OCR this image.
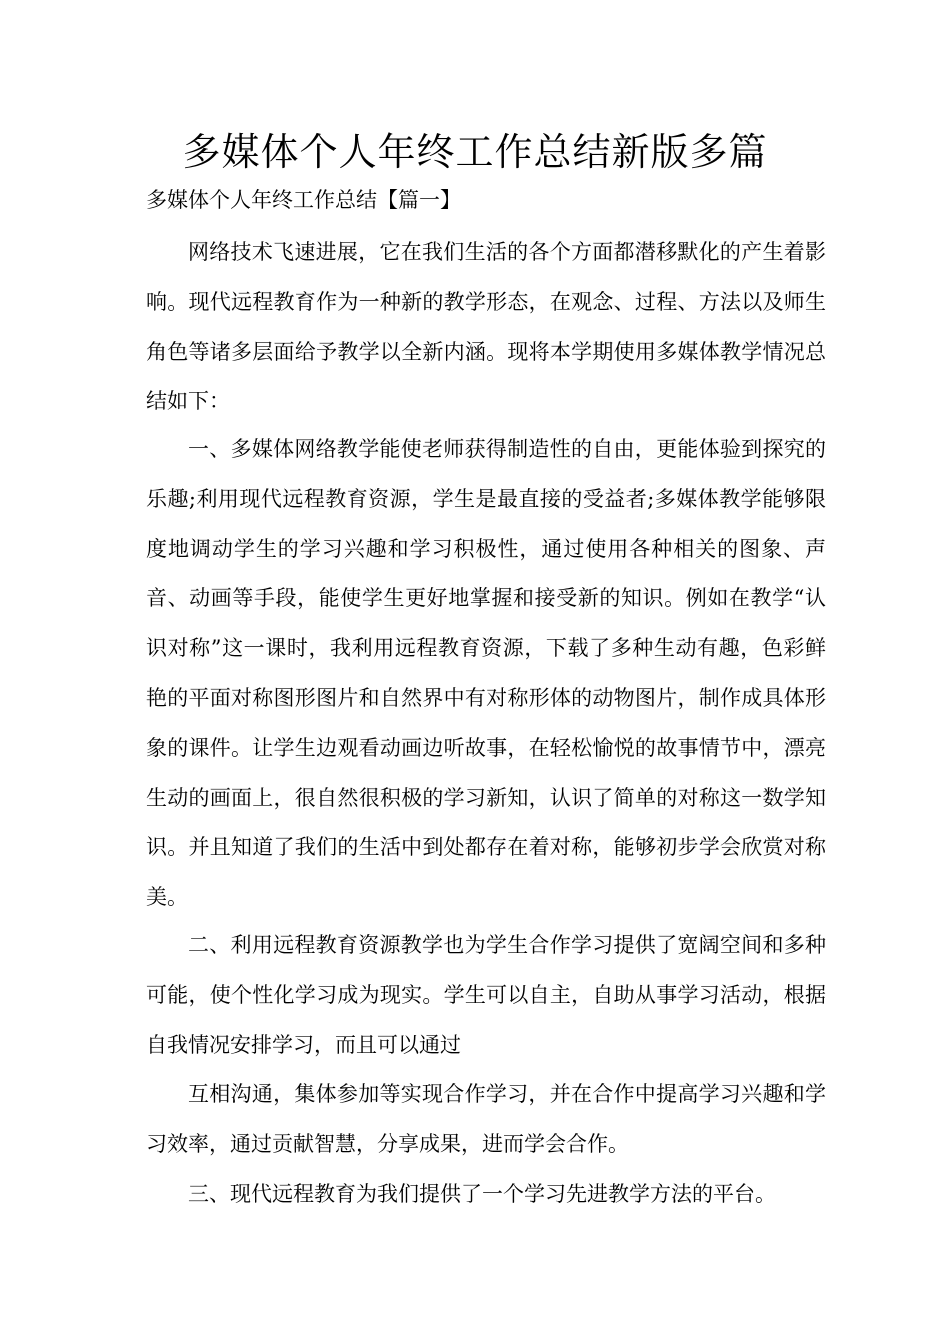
多媒体个人年终工作总结新版多篇

多媒体个人年终工作总结【篇一】

网络技术飞速进展，它在我们生活的各个方面都潜移默化的产生着影响。现代远程教育作为一种新的教学形态，在观念、过程、方法以及师生角色等诸多层面给予教学以全新内涵。现将本学期使用多媒体教学情况总结如下：

一、多媒体网络教学能使老师获得制造性的自由，更能体验到探究的乐趣;利用现代远程教育资源，学生是最直接的受益者;多媒体教学能够限度地调动学生的学习兴趣和学习积极性，通过使用各种相关的图象、声音、动画等手段，能使学生更好地掌握和接受新的知识。例如在教学“认识对称”这一课时，我利用远程教育资源，下载了多种生动有趣，色彩鲜艳的平面对称图形图片和自然界中有对称形体的动物图片，制作成具体形象的课件。让学生边观看动画边听故事，在轻松愉悦的故事情节中，漂亮生动的画面上，很自然很积极的学习新知，认识了简单的对称这一数学知识。并且知道了我们的生活中到处都存在着对称，能够初步学会欣赏对称美。

二、利用远程教育资源教学也为学生合作学习提供了宽阔空间和多种可能，使个性化学习成为现实。学生可以自主，自助从事学习活动，根据自我情况安排学习，而且可以通过

互相沟通，集体参加等实现合作学习，并在合作中提高学习兴趣和学习效率，通过贡献智慧，分享成果，进而学会合作。

三、现代远程教育为我们提供了一个学习先进教学方法的平台。
